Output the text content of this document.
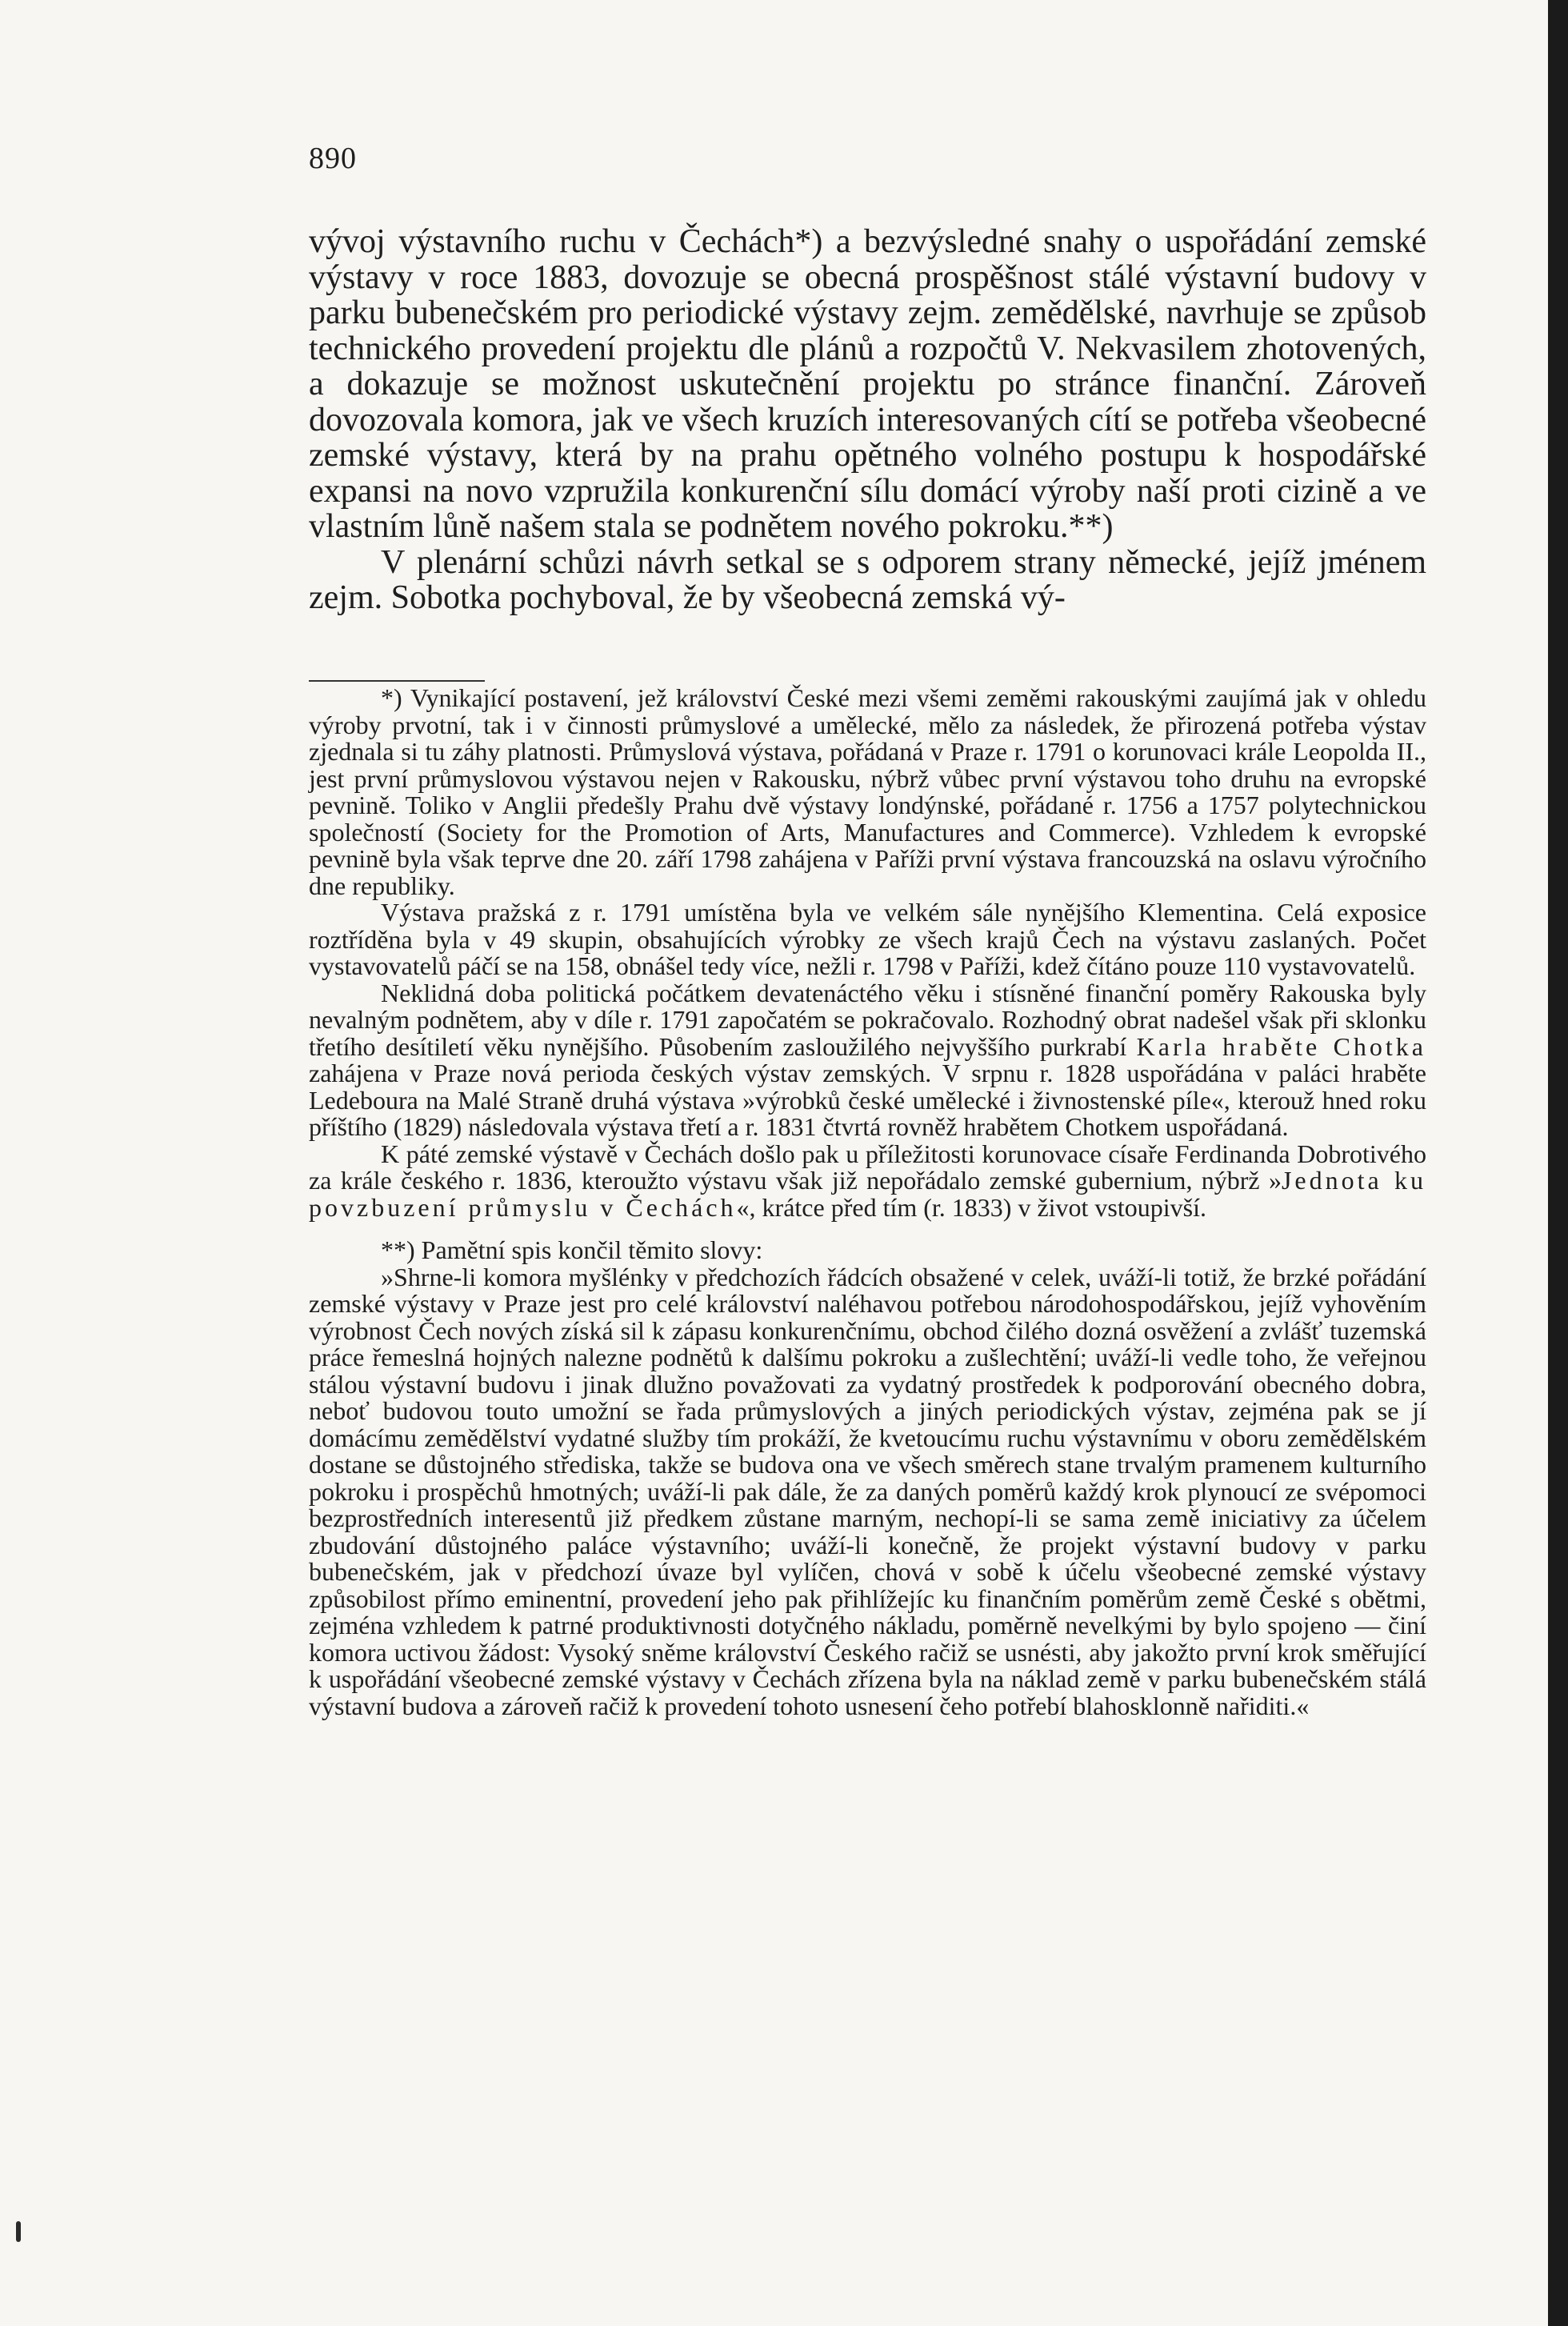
890

vývoj výstavního ruchu v Čechách*) a bezvýsledné snahy o uspořádání zemské výstavy v roce 1883, dovozuje se obecná prospěšnost stálé výstavní budovy v parku bubenečském pro periodické výstavy zejm. zemědělské, navrhuje se způsob technického provedení projektu dle plánů a rozpočtů V. Nekvasilem zhotovených, a dokazuje se možnost uskutečnění projektu po stránce finanční. Zároveň dovozovala komora, jak ve všech kruzích interesovaných cítí se potřeba všeobecné zemské výstavy, která by na prahu opětného volného postupu k hospodářské expansi na novo vzpružila konkurenční sílu domácí výroby naší proti cizině a ve vlastním lůně našem stala se podnětem nového pokroku.**)

V plenární schůzi návrh setkal se s odporem strany německé, jejíž jménem zejm. Sobotka pochyboval, že by všeobecná zemská vý-

*) Vynikající postavení, jež království České mezi všemi zeměmi rakouskými zaujímá jak v ohledu výroby prvotní, tak i v činnosti průmyslové a umělecké, mělo za následek, že přirozená potřeba výstav zjednala si tu záhy platnosti. Průmyslová výstava, pořádaná v Praze r. 1791 o korunovaci krále Leopolda II., jest první průmyslovou výstavou nejen v Rakousku, nýbrž vůbec první výstavou toho druhu na evropské pevnině. Toliko v Anglii předešly Prahu dvě výstavy londýnské, pořádané r. 1756 a 1757 polytechnickou společností (Society for the Promotion of Arts, Manufactures and Commerce). Vzhledem k evropské pevnině byla však teprve dne 20. září 1798 zahájena v Paříži první výstava francouzská na oslavu výročního dne republiky.

Výstava pražská z r. 1791 umístěna byla ve velkém sále nynějšího Klementina. Celá exposice roztříděna byla v 49 skupin, obsahujících výrobky ze všech krajů Čech na výstavu zaslaných. Počet vystavovatelů páčí se na 158, obnášel tedy více, nežli r. 1798 v Paříži, kdež čítáno pouze 110 vystavovatelů.

Neklidná doba politická počátkem devatenáctého věku i stísněné finanční poměry Rakouska byly nevalným podnětem, aby v díle r. 1791 započatém se pokračovalo. Rozhodný obrat nadešel však při sklonku třetího desítiletí věku nynějšího. Působením zasloužilého nejvyššího purkrabí Karla hraběte Chotka zahájena v Praze nová perioda českých výstav zemských. V srpnu r. 1828 uspořádána v paláci hraběte Ledeboura na Malé Straně druhá výstava »výrobků české umělecké i živnostenské píle«, kterouž hned roku příštího (1829) následovala výstava třetí a r. 1831 čtvrtá rovněž hrabětem Chotkem uspořádaná.

K páté zemské výstavě v Čechách došlo pak u příležitosti korunovace císaře Ferdinanda Dobrotivého za krále českého r. 1836, kteroužto výstavu však již nepořádalo zemské gubernium, nýbrž »Jednota ku povzbuzení průmyslu v Čechách«, krátce před tím (r. 1833) v život vstoupivší.

**) Pamětní spis končil těmito slovy:

»Shrne-li komora myšlénky v předchozích řádcích obsažené v celek, uváží-li totiž, že brzké pořádání zemské výstavy v Praze jest pro celé království naléhavou potřebou národohospodářskou, jejíž vyhověním výrobnost Čech nových získá sil k zápasu konkurenčnímu, obchod čilého dozná osvěžení a zvlášť tuzemská práce řemeslná hojných nalezne podnětů k dalšímu pokroku a zušlechtění; uváží-li vedle toho, že veřejnou stálou výstavní budovu i jinak dlužno považovati za vydatný prostředek k podporování obecného dobra, neboť budovou touto umožní se řada průmyslových a jiných periodických výstav, zejména pak se jí domácímu zemědělství vydatné služby tím prokáží, že kvetoucímu ruchu výstavnímu v oboru zemědělském dostane se důstojného střediska, takže se budova ona ve všech směrech stane trvalým pramenem kulturního pokroku i prospěchů hmotných; uváží-li pak dále, že za daných poměrů každý krok plynoucí ze svépomoci bezprostředních interesentů již předkem zůstane marným, nechopí-li se sama země iniciativy za účelem zbudování důstojného paláce výstavního; uváží-li konečně, že projekt výstavní budovy v parku bubenečském, jak v předchozí úvaze byl vylíčen, chová v sobě k účelu všeobecné zemské výstavy způsobilost přímo eminentní, provedení jeho pak přihlížejíc ku finančním poměrům země České s obětmi, zejména vzhledem k patrné produktivnosti dotyčného nákladu, poměrně nevelkými by bylo spojeno — činí komora uctivou žádost: Vysoký sněme království Českého račiž se usnésti, aby jakožto první krok směřující k uspořádání všeobecné zemské výstavy v Čechách zřízena byla na náklad země v parku bubenečském stálá výstavní budova a zároveň račiž k provedení tohoto usnesení čeho potřebí blahosklonně nařiditi.«
